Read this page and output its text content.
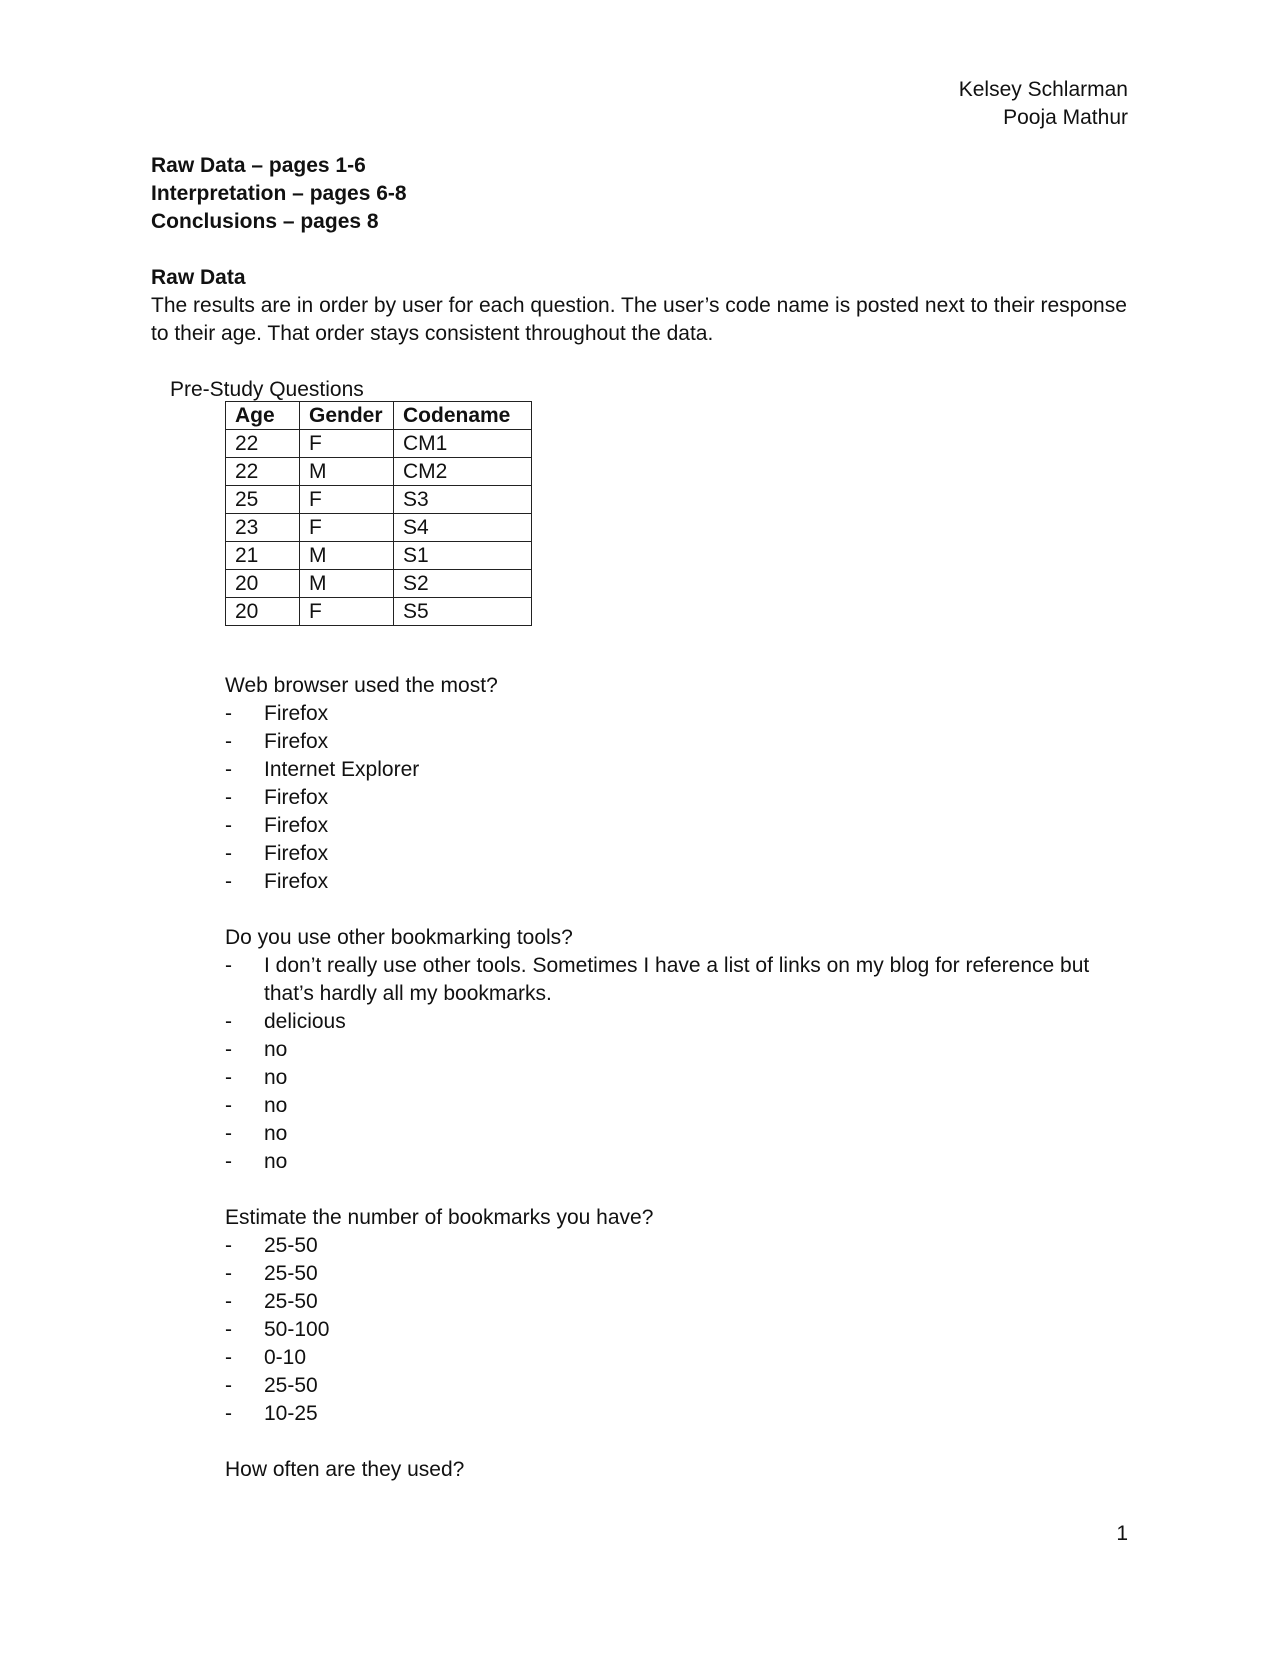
Kelsey Schlarman
Pooja Mathur
Raw Data – pages 1-6
Interpretation – pages 6-8
Conclusions – pages 8
Raw Data

The results are in order by user for each question. The user’s code name is posted next to their response to their age. That order stays consistent throughout the data.

Pre-Study Questions
Age	Gender	Codename
22	F	CM1
22	M	CM2
25	F	S3
23	F	S4
21	M	S1
20	M	S2
20	F	S5
Web browser used the most?
- Firefox
- Firefox
- Internet Explorer
- Firefox
- Firefox
- Firefox
- Firefox
Do you use other bookmarking tools?
- I don’t really use other tools. Sometimes I have a list of links on my blog for reference but that’s hardly all my bookmarks.
- delicious
- no
- no
- no
- no
- no
Estimate the number of bookmarks you have?
- 25-50
- 25-50
- 25-50
- 50-100
- 0-10
- 25-50
- 10-25
How often are they used?
1
